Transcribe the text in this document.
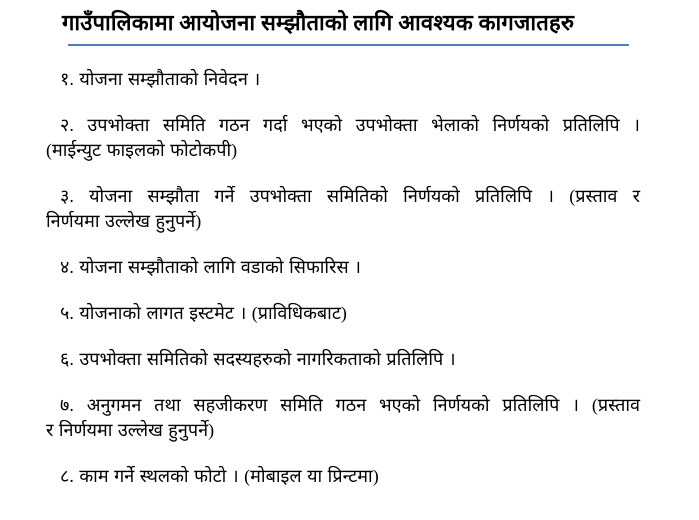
गाउँपालिकामा आयोजना सम्झौताको लागि आवश्यक कागजातहरु
१. योजना सम्झौताको निवेदन ।
२. उपभोक्ता समिति गठन गर्दा भएको उपभोक्ता भेलाको निर्णयको प्रतिलिपि ।
(माईन्युट फाइलको फोटोकपी)
३. योजना सम्झौता गर्ने उपभोक्ता समितिको निर्णयको प्रतिलिपि । (प्रस्ताव र
निर्णयमा उल्लेख हुनुपर्ने)
४. योजना सम्झौताको लागि वडाको सिफारिस ।
५. योजनाको लागत इस्टमेट । (प्राविधिकबाट)
६. उपभोक्ता समितिको सदस्यहरुको नागरिकताको प्रतिलिपि ।
७. अनुगमन तथा सहजीकरण समिति गठन भएको निर्णयको प्रतिलिपि । (प्रस्ताव
र निर्णयमा उल्लेख हुनुपर्ने)
८. काम गर्ने स्थलको फोटो । (मोबाइल या प्रिन्टमा)
